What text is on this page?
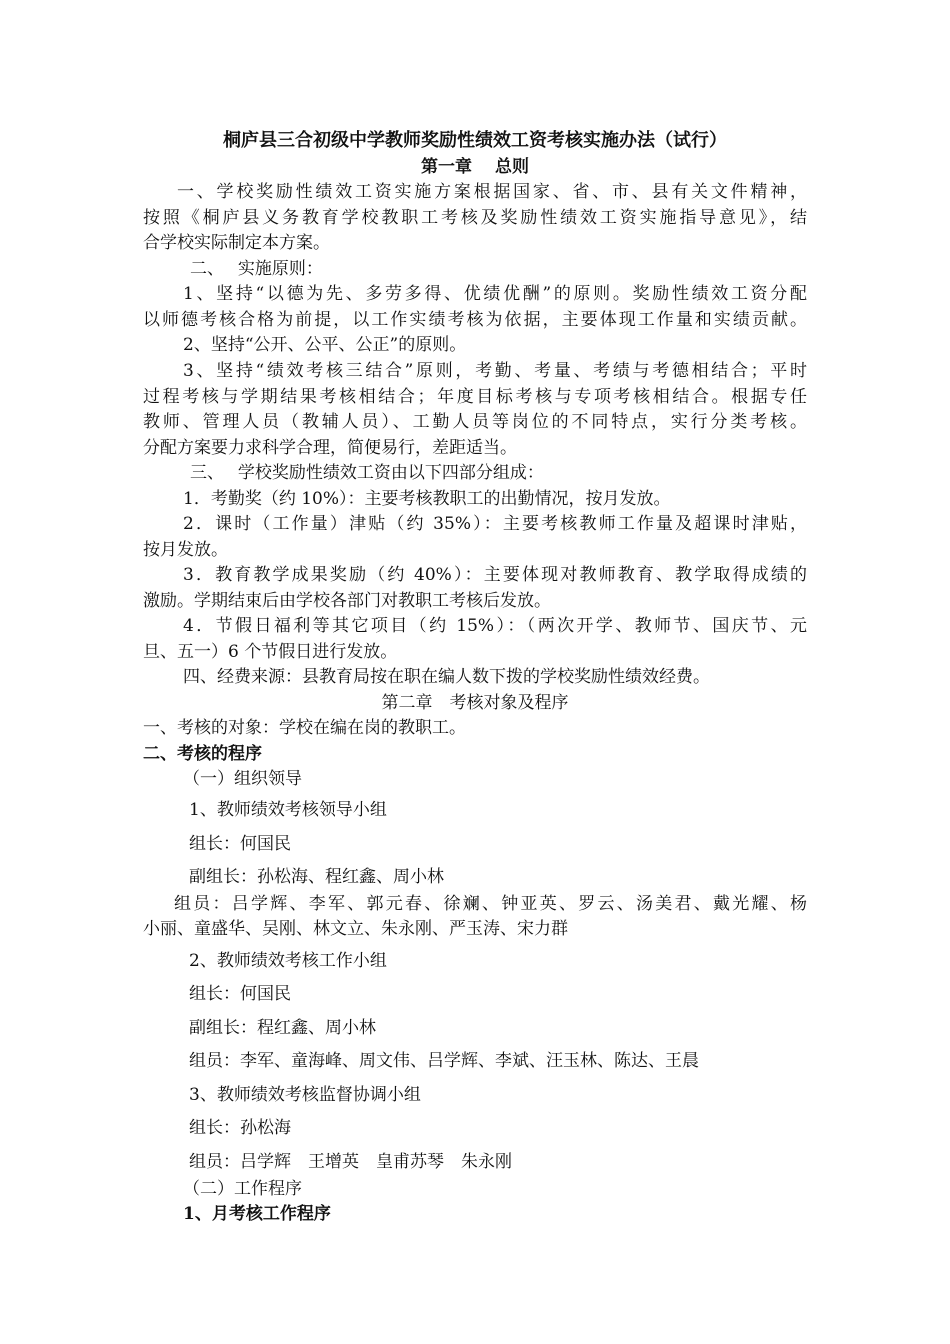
桐庐县三合初级中学教师奖励性绩效工资考核实施办法（试行）
第一章　 总则
一、学校奖励性绩效工资实施方案根据国家、省、市、县有关文件精神，
按照《桐庐县义务教育学校教职工考核及奖励性绩效工资实施指导意见》，结
合学校实际制定本方案。
二、　 实施原则：
1、坚持“以德为先、多劳多得、优绩优酬”的原则。奖励性绩效工资分配
以师德考核合格为前提，以工作实绩考核为依据，主要体现工作量和实绩贡献。
2、坚持“公开、公平、公正”的原则。
3、坚持“绩效考核三结合”原则，考勤、考量、考绩与考德相结合；平时
过程考核与学期结果考核相结合；年度目标考核与专项考核相结合。根据专任
教师、管理人员（教辅人员）、工勤人员等岗位的不同特点，实行分类考核。
分配方案要力求科学合理，简便易行，差距适当。
三、　 学校奖励性绩效工资由以下四部分组成：
1．考勤奖（约 10%）：主要考核教职工的出勤情况，按月发放。
2．课时（工作量）津贴（约 35%）：主要考核教师工作量及超课时津贴，
按月发放。
3．教育教学成果奖励（约 40%）：主要体现对教师教育、教学取得成绩的
激励。学期结束后由学校各部门对教职工考核后发放。
4．节假日福利等其它项目（约 15%）：（两次开学、教师节、国庆节、元
旦、五一）6 个节假日进行发放。
四、经费来源：县教育局按在职在编人数下拨的学校奖励性绩效经费。
第二章　考核对象及程序
一、考核的对象：学校在编在岗的教职工。
二、考核的程序
（一）组织领导
1、教师绩效考核领导小组
组长：何国民
副组长：孙松海、程红鑫、周小林
组员：吕学辉、李军、郭元春、徐斓、钟亚英、罗云、汤美君、戴光耀、杨
小丽、童盛华、吴刚、林文立、朱永刚、严玉涛、宋力群
2、教师绩效考核工作小组
组长：何国民
副组长：程红鑫、周小林
组员：李军、童海峰、周文伟、吕学辉、李斌、汪玉林、陈达、王晨
3、教师绩效考核监督协调小组
组长：孙松海
组员：吕学辉　王增英　皇甫苏琴　朱永刚
（二）工作程序
1、月考核工作程序
